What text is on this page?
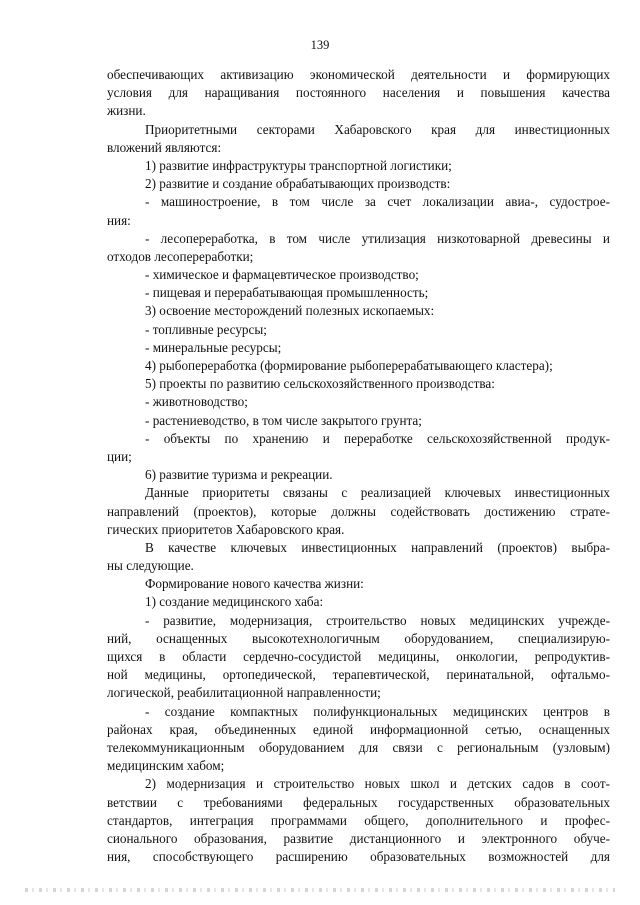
139
обеспечивающих активизацию экономической деятельности и формирующих
условия для наращивания постоянного населения и повышения качества
жизни.
Приоритетными секторами Хабаровского края для инвестиционных
вложений являются:
1) развитие инфраструктуры транспортной логистики;
2) развитие и создание обрабатывающих производств:
- машиностроение, в том числе за счет локализации авиа-, судострое-
ния:
- лесопереработка, в том числе утилизация низкотоварной древесины и
отходов лесопереработки;
- химическое и фармацевтическое производство;
- пищевая и перерабатывающая промышленность;
3) освоение месторождений полезных ископаемых:
- топливные ресурсы;
- минеральные ресурсы;
4) рыбопереработка (формирование рыбоперерабатывающего кластера);
5) проекты по развитию сельскохозяйственного производства:
- животноводство;
- растениеводство, в том числе закрытого грунта;
- объекты по хранению и переработке сельскохозяйственной продук-
ции;
6) развитие туризма и рекреации.
Данные приоритеты связаны с реализацией ключевых инвестиционных
направлений (проектов), которые должны содействовать достижению страте-
гических приоритетов Хабаровского края.
В качестве ключевых инвестиционных направлений (проектов) выбра-
ны следующие.
Формирование нового качества жизни:
1) создание медицинского хаба:
- развитие, модернизация, строительство новых медицинских учрежде-
ний, оснащенных высокотехнологичным оборудованием, специализирую-
щихся в области сердечно-сосудистой медицины, онкологии, репродуктив-
ной медицины, ортопедической, терапевтической, перинатальной, офтальмо-
логической, реабилитационной направленности;
- создание компактных полифункциональных медицинских центров в
районах края, объединенных единой информационной сетью, оснащенных
телекоммуникационным оборудованием для связи с региональным (узловым)
медицинским хабом;
2) модернизация и строительство новых школ и детских садов в соот-
ветствии с требованиями федеральных государственных образовательных
стандартов, интеграция программами общего, дополнительного и профес-
сионального образования, развитие дистанционного и электронного обуче-
ния, способствующего расширению образовательных возможностей для
